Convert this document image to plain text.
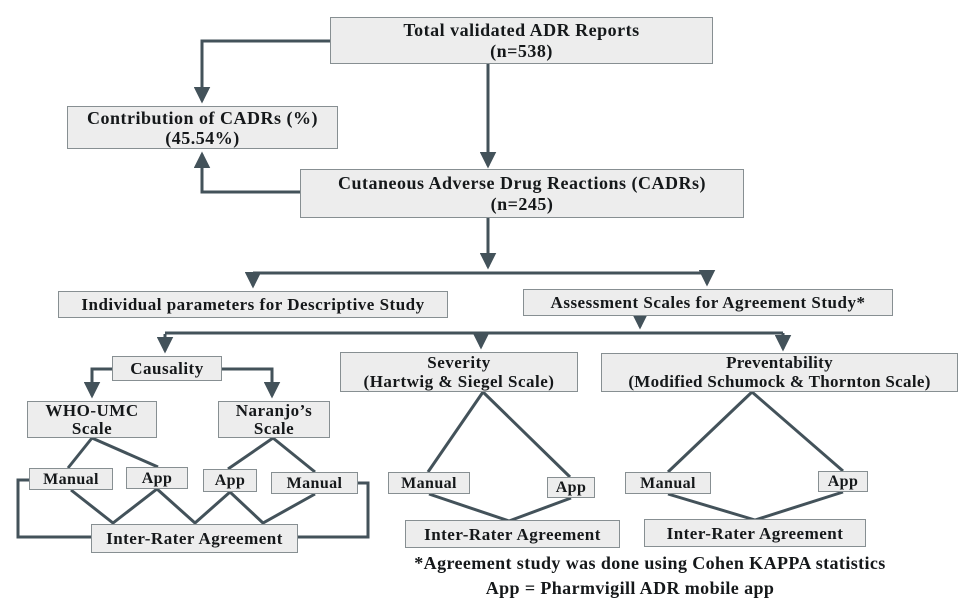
Total validated ADR Reports
(n=538)
Contribution of CADRs (%)
(45.54%)
Cutaneous Adverse Drug Reactions (CADRs)
(n=245)
Individual parameters for Descriptive Study	Assessment Scales for Agreement Study*
Causality	Severity
(Hartwig & Siegel Scale)
Preventability
(Modified Schumock & Thornton Scale)
WHO-UMC
Scale
Naranjo’s
Scale
Manual	App	App	Manual
Inter-Rater Agreement
Manual	App
Inter-Rater Agreement
Manual	App
Inter-Rater Agreement
*Agreement study was done using Cohen KAPPA statistics
App = Pharmvigill ADR mobile app
